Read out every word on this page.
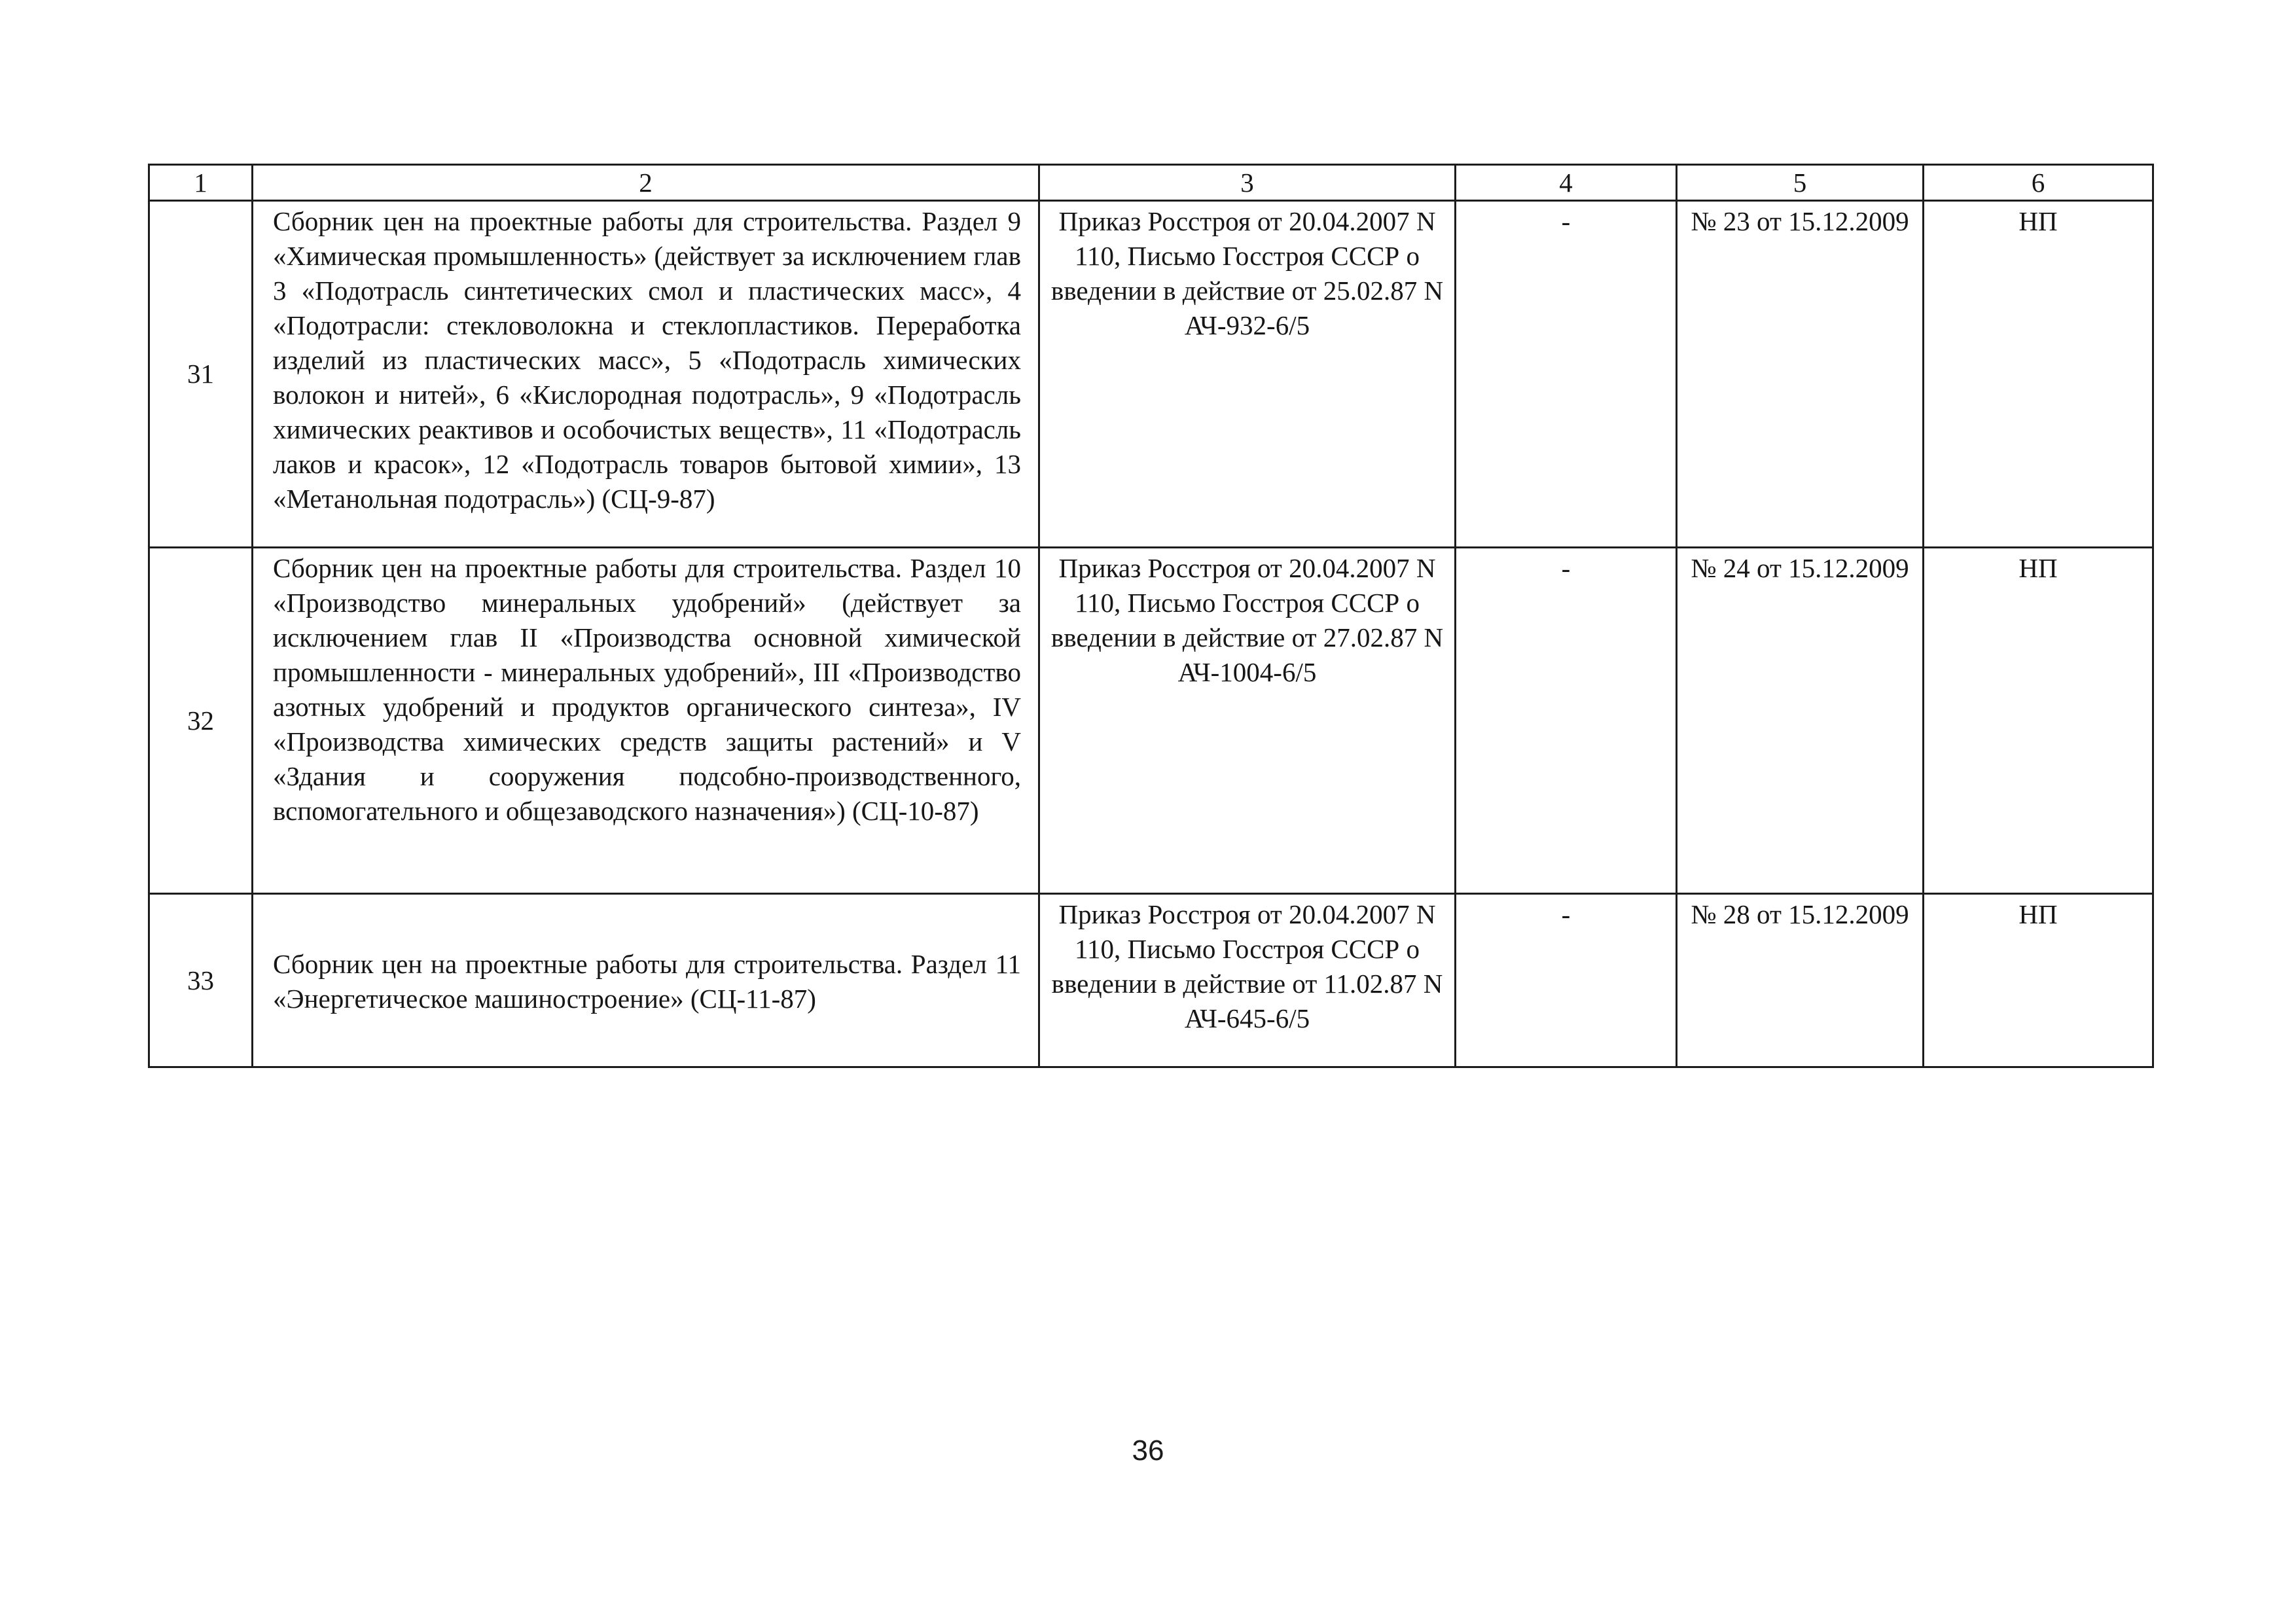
1	2	3	4	5	6
31	Сборник цен на проектные работы для строительства. Раздел 9 «Химическая промышленность» (действует за исключением глав 3 «Подотрасль синтетических смол и пластических масс», 4 «Подотрасли: стекловолокна и стеклопластиков. Переработка изделий из пластических масс», 5 «Подотрасль химических волокон и нитей», 6 «Кислородная подотрасль», 9 «Подотрасль химических реактивов и особочистых веществ», 11 «Подотрасль лаков и красок», 12 «Подотрасль товаров бытовой химии», 13 «Метанольная подотрасль») (СЦ-9-87)	Приказ Росстроя от 20.04.2007 N 110, Письмо Госстроя СССР о введении в действие от 25.02.87 N АЧ-932-6/5	-	№ 23 от 15.12.2009	НП
32	Сборник цен на проектные работы для строительства. Раздел 10 «Производство минеральных удобрений» (действует за исключением глав II «Производства основной химической промышленности - минеральных удобрений», III «Производство азотных удобрений и продуктов органического синтеза», IV «Производства химических средств защиты растений» и V «Здания и сооружения подсобно-производственного, вспомогательного и общезаводского назначения») (СЦ-10-87)	Приказ Росстроя от 20.04.2007 N 110, Письмо Госстроя СССР о введении в действие от 27.02.87 N АЧ-1004-6/5	-	№ 24 от 15.12.2009	НП
33	Сборник цен на проектные работы для строительства. Раздел 11 «Энергетическое машиностроение» (СЦ-11-87)	Приказ Росстроя от 20.04.2007 N 110, Письмо Госстроя СССР о введении в действие от 11.02.87 N АЧ-645-6/5	-	№ 28 от 15.12.2009	НП
36
